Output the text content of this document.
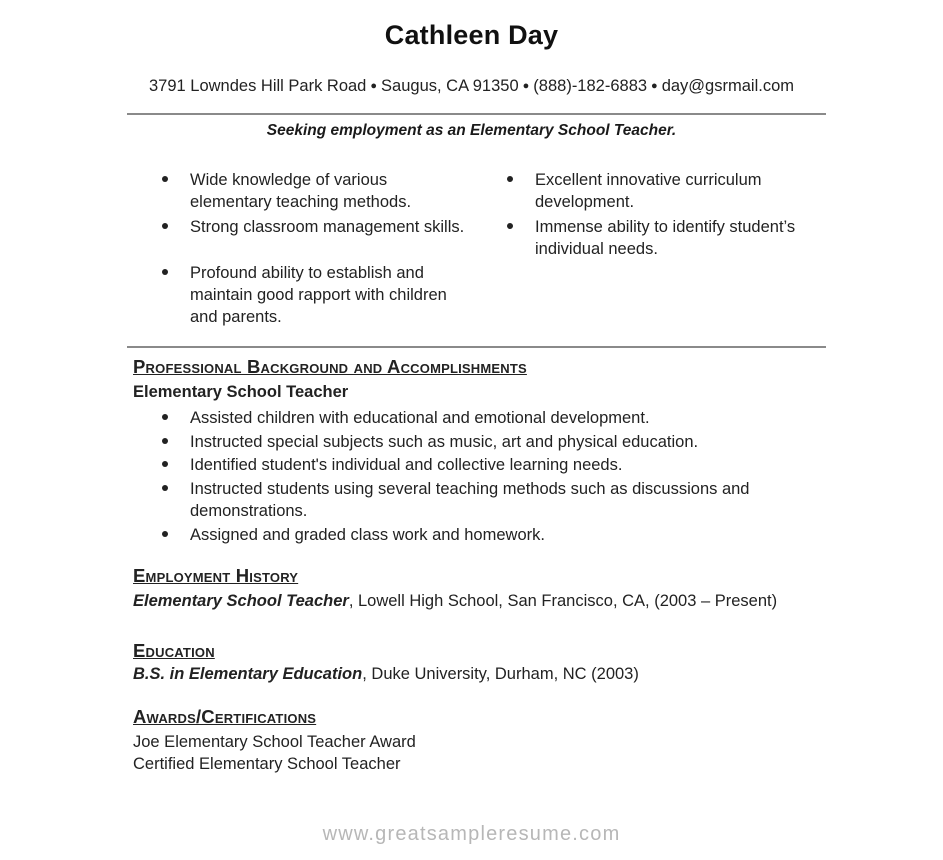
Cathleen Day
3791 Lowndes Hill Park Road ● Saugus, CA 91350 ● (888)-182-6883 ● day@gsrmail.com
Seeking employment as an Elementary School Teacher.
Wide knowledge of various elementary teaching methods.
Strong classroom management skills.
Profound ability to establish and maintain good rapport with children and parents.
Excellent innovative curriculum development.
Immense ability to identify student’s individual needs.
Professional Background and Accomplishments
Elementary School Teacher
Assisted children with educational and emotional development.
Instructed special subjects such as music, art and physical education.
Identified student's individual and collective learning needs.
Instructed students using several teaching methods such as discussions and demonstrations.
Assigned and graded class work and homework.
Employment History
Elementary School Teacher, Lowell High School, San Francisco, CA, (2003 – Present)
Education
B.S. in Elementary Education, Duke University, Durham, NC (2003)
Awards/Certifications
Joe Elementary School Teacher Award
Certified Elementary School Teacher
www.greatsampleresume.com
